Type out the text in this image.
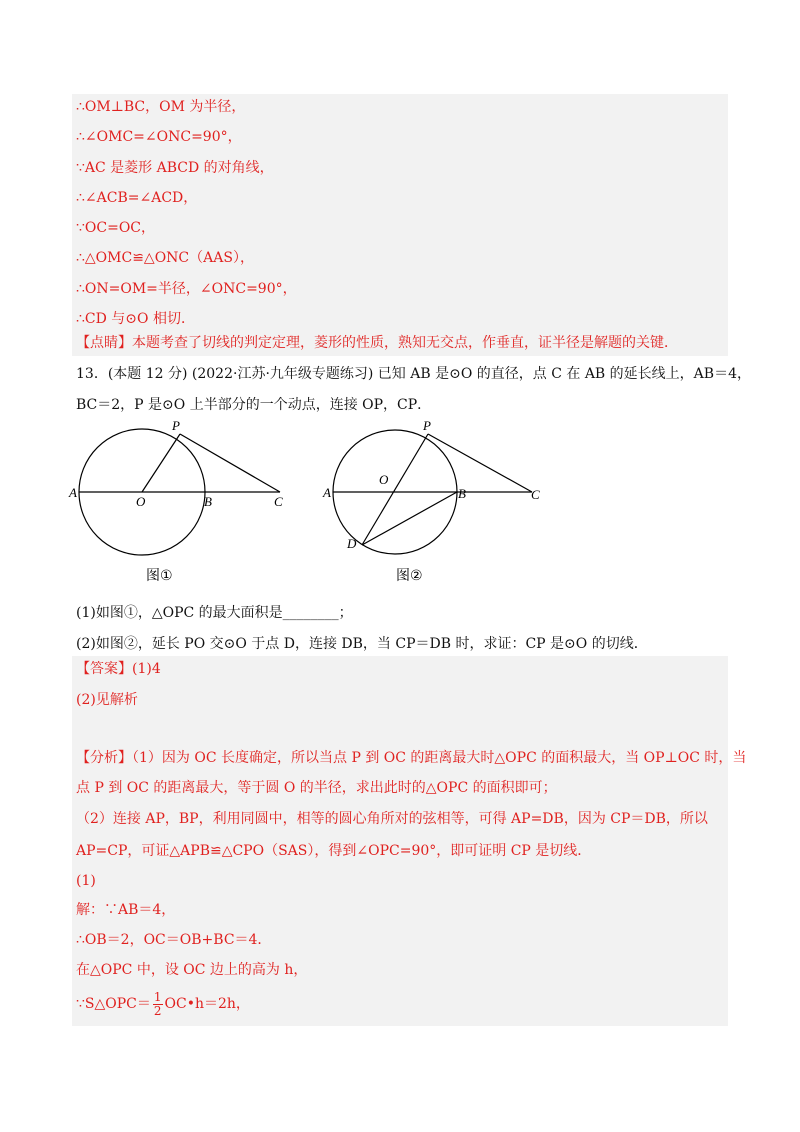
∴OM⊥BC，OM 为半径，
∴∠OMC=∠ONC=90°，
∵AC 是菱形 ABCD 的对角线，
∴∠ACB=∠ACD，
∵OC=OC，
∴△OMC≌△ONC（AAS），
∴ON=OM=半径，∠ONC=90°，
∴CD 与⊙O 相切．
【点睛】本题考查了切线的判定定理，菱形的性质，熟知无交点，作垂直，证半径是解题的关键．
13．(本题 12 分) (2022·江苏·九年级专题练习) 已知 AB 是⊙O 的直径，点 C 在 AB 的延长线上，AB＝4，
BC＝2，P 是⊙O 上半部分的一个动点，连接 OP，CP．
P
A
O	B	C
图①
P
A
O
B	C
D
图②
(1)如图①，△OPC 的最大面积是________；
(2)如图②，延长 PO 交⊙O 于点 D，连接 DB，当 CP＝DB 时，求证：CP 是⊙O 的切线．
【答案】(1)4
(2)见解析
【分析】（1）因为 OC 长度确定，所以当点 P 到 OC 的距离最大时△OPC 的面积最大，当 OP⊥OC 时，当
点 P 到 OC 的距离最大，等于圆 O 的半径，求出此时的△OPC 的面积即可；
（2）连接 AP，BP，利用同圆中，相等的圆心角所对的弦相等，可得 AP=DB，因为 CP＝DB，所以
AP=CP，可证△APB≌△CPO（SAS），得到∠OPC=90°，即可证明 CP 是切线．
(1)
解：∵AB＝4，
∴OB＝2，OC＝OB+BC＝4．
在△OPC 中，设 OC 边上的高为 h，
∵S△OPC＝ $\frac{1}{2}$ OC•h＝2h，
